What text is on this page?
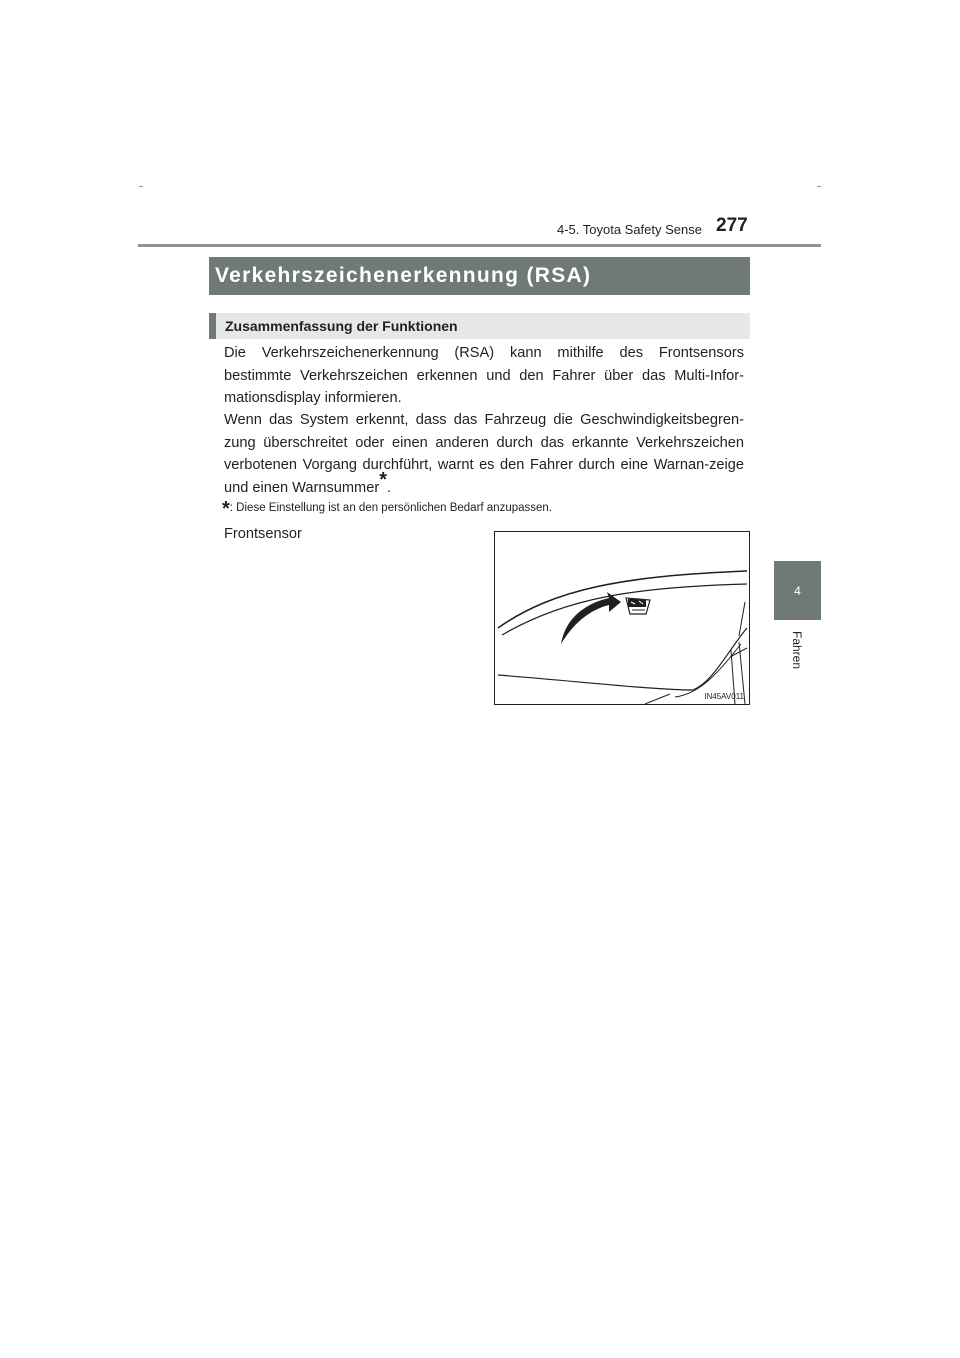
4-5. Toyota Safety Sense 277
4
Fahren
Verkehrszeichenerkennung (RSA)
Zusammenfassung der Funktionen

Die Verkehrszeichenerkennung (RSA) kann mithilfe des Frontsensors bestimmte Verkehrszeichen erkennen und den Fahrer über das Multi-Infor-mationsdisplay informieren.

Wenn das System erkennt, dass das Fahrzeug die Geschwindigkeitsbegren-zung überschreitet oder einen anderen durch das erkannte Verkehrszeichen verbotenen Vorgang durchführt, warnt es den Fahrer durch eine Warnan-zeige und einen Warnsummer*.

*: Diese Einstellung ist an den persönlichen Bedarf anzupassen.
Frontsensor
IN45AV011
